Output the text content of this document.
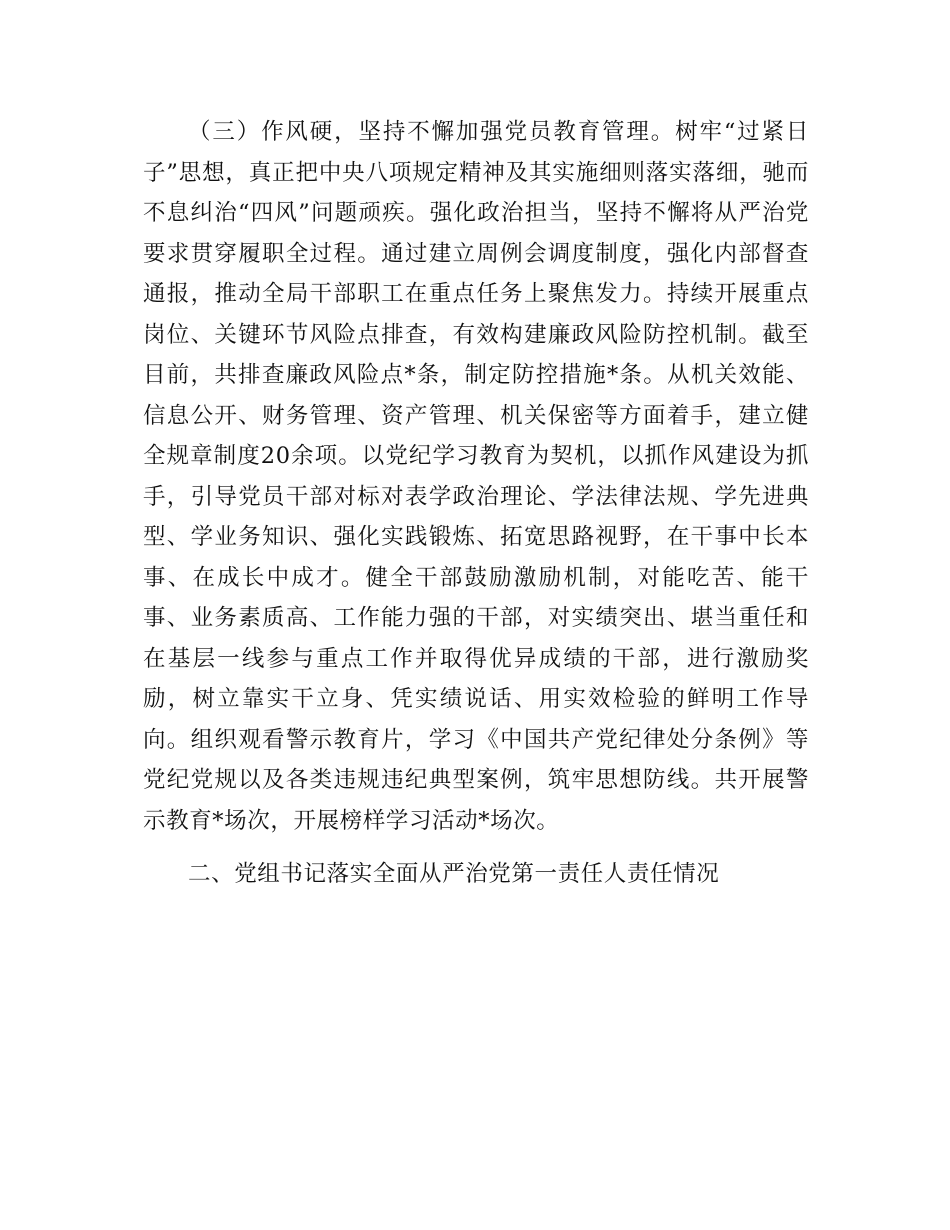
（三）作风硬，坚持不懈加强党员教育管理。树牢“过紧日子”思想，真正把中央八项规定精神及其实施细则落实落细，驰而不息纠治“四风”问题顽疾。强化政治担当，坚持不懈将从严治党要求贯穿履职全过程。通过建立周例会调度制度，强化内部督查通报，推动全局干部职工在重点任务上聚焦发力。持续开展重点岗位、关键环节风险点排查，有效构建廉政风险防控机制。截至目前，共排查廉政风险点*条，制定防控措施*条。从机关效能、信息公开、财务管理、资产管理、机关保密等方面着手，建立健全规章制度20余项。以党纪学习教育为契机，以抓作风建设为抓手，引导党员干部对标对表学政治理论、学法律法规、学先进典型、学业务知识、强化实践锻炼、拓宽思路视野，在干事中长本事、在成长中成才。健全干部鼓励激励机制，对能吃苦、能干事、业务素质高、工作能力强的干部，对实绩突出、堪当重任和在基层一线参与重点工作并取得优异成绩的干部，进行激励奖励，树立靠实干立身、凭实绩说话、用实效检验的鲜明工作导向。组织观看警示教育片，学习《中国共产党纪律处分条例》等党纪党规以及各类违规违纪典型案例，筑牢思想防线。共开展警示教育*场次，开展榜样学习活动*场次。

二、党组书记落实全面从严治党第一责任人责任情况
